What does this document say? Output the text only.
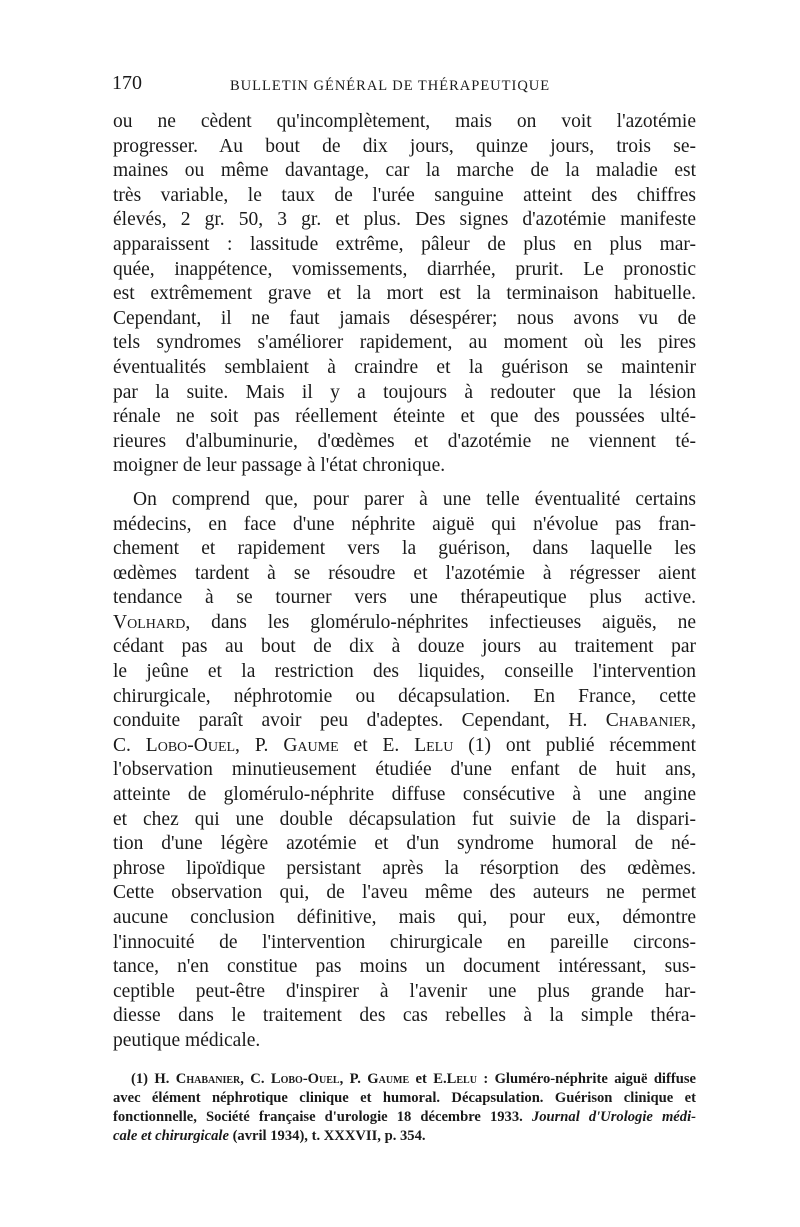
170	BULLETIN GÉNÉRAL DE THÉRAPEUTIQUE
ou ne cèdent qu'incomplètement, mais on voit l'azotémie
progresser. Au bout de dix jours, quinze jours, trois se-
maines ou même davantage, car la marche de la maladie est
très variable, le taux de l'urée sanguine atteint des chiffres
élevés, 2 gr. 50, 3 gr. et plus. Des signes d'azotémie manifeste
apparaissent : lassitude extrême, pâleur de plus en plus mar-
quée, inappétence, vomissements, diarrhée, prurit. Le pronostic
est extrêmement grave et la mort est la terminaison habituelle.
Cependant, il ne faut jamais désespérer; nous avons vu de
tels syndromes s'améliorer rapidement, au moment où les pires
éventualités semblaient à craindre et la guérison se maintenir
par la suite. Mais il y a toujours à redouter que la lésion
rénale ne soit pas réellement éteinte et que des poussées ulté-
rieures d'albuminurie, d'œdèmes et d'azotémie ne viennent té-
moigner de leur passage à l'état chronique.
On comprend que, pour parer à une telle éventualité certains
médecins, en face d'une néphrite aiguë qui n'évolue pas fran-
chement et rapidement vers la guérison, dans laquelle les
œdèmes tardent à se résoudre et l'azotémie à régresser aient
tendance à se tourner vers une thérapeutique plus active.
Volhard, dans les glomérulo-néphrites infectieuses aiguës, ne
cédant pas au bout de dix à douze jours au traitement par
le jeûne et la restriction des liquides, conseille l'intervention
chirurgicale, néphrotomie ou décapsulation. En France, cette
conduite paraît avoir peu d'adeptes. Cependant, H. Chabanier,
C. Lobo-Ouel, P. Gaume et E. Lelu (1) ont publié récemment
l'observation minutieusement étudiée d'une enfant de huit ans,
atteinte de glomérulo-néphrite diffuse consécutive à une angine
et chez qui une double décapsulation fut suivie de la dispari-
tion d'une légère azotémie et d'un syndrome humoral de né-
phrose lipoïdique persistant après la résorption des œdèmes.
Cette observation qui, de l'aveu même des auteurs ne permet
aucune conclusion définitive, mais qui, pour eux, démontre
l'innocuité de l'intervention chirurgicale en pareille circons-
tance, n'en constitue pas moins un document intéressant, sus-
ceptible peut-être d'inspirer à l'avenir une plus grande har-
diesse dans le traitement des cas rebelles à la simple théra-
peutique médicale.
(1) H. Chabanier, C. Lobo-Ouel, P. Gaume et E.Lelu : Gluméro-néphrite aiguë diffuse
avec élément néphrotique clinique et humoral. Décapsulation. Guérison clinique et
fonctionnelle, Société française d'urologie 18 décembre 1933. Journal d'Urologie médi-
cale et chirurgicale (avril 1934), t. XXXVII, p. 354.
